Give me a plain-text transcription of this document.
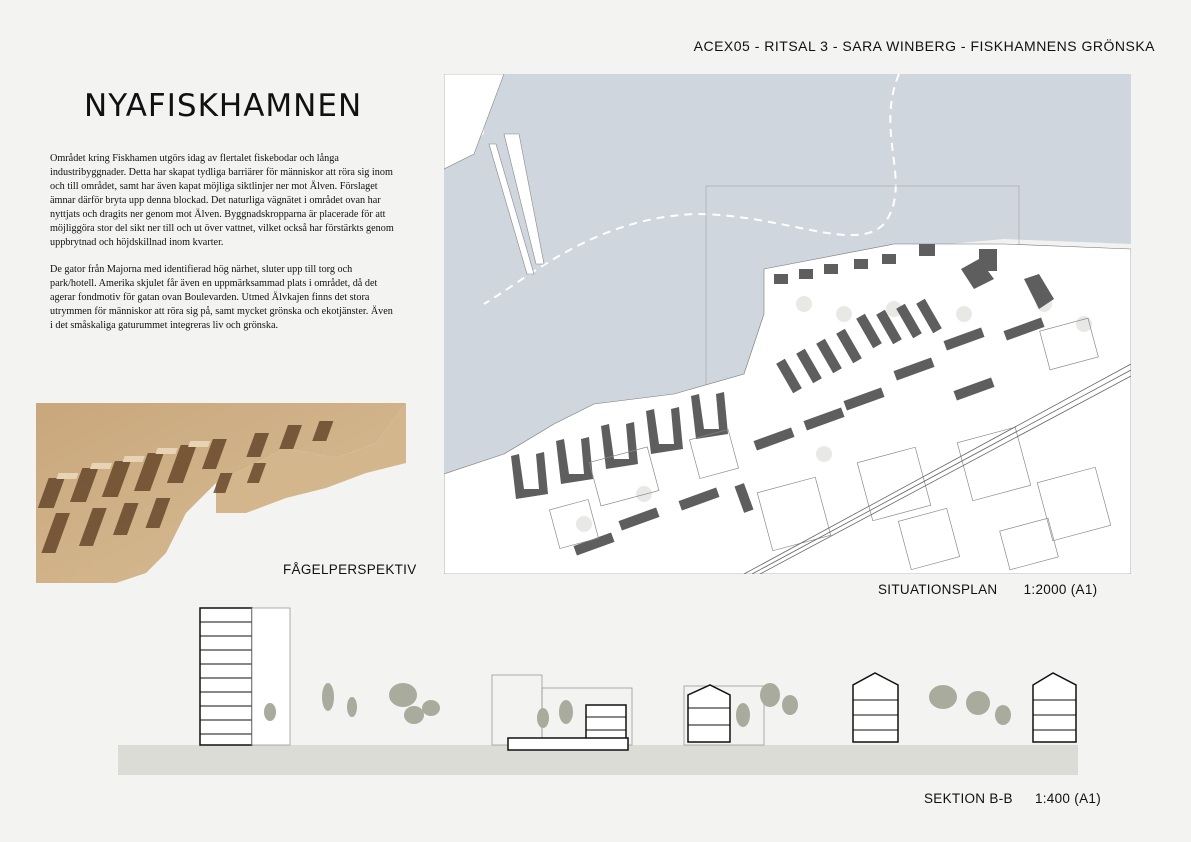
ACEX05 - RITSAL 3 - SARA WINBERG - FISKHAMNENS GRÖNSKA
NYAFISKHAMNEN

Området kring Fiskhamen utgörs idag av flertalet fiskebodar och långa industribyggnader. Detta har skapat tydliga barriärer för människor att röra sig inom och till området, samt har även kapat möjliga siktlinjer ner mot Älven. Förslaget ämnar därför bryta upp denna blockad. Det naturliga vägnätet i området ovan har nyttjats och dragits ner genom mot Älven. Byggnadskropparna är placerade för att möjliggöra stor del sikt ner till och ut över vattnet, vilket också har förstärkts genom uppbrytnad och höjdskillnad inom kvarter.

De gator från Majorna med identifierad hög närhet, sluter upp till torg och park/hotell. Amerika skjulet får även en uppmärksammad plats i området, då det agerar fondmotiv för gatan ovan Boulevarden. Utmed Älvkajen finns det stora utrymmen för människor att röra sig på, samt mycket grönska och ekotjänster. Även i det småskaliga gaturummet integreras liv och grönska.

FÅGELPERSPEKTIV
SITUATIONSPLAN 1:2000 (A1)
SEKTION B-B 1:400 (A1)
